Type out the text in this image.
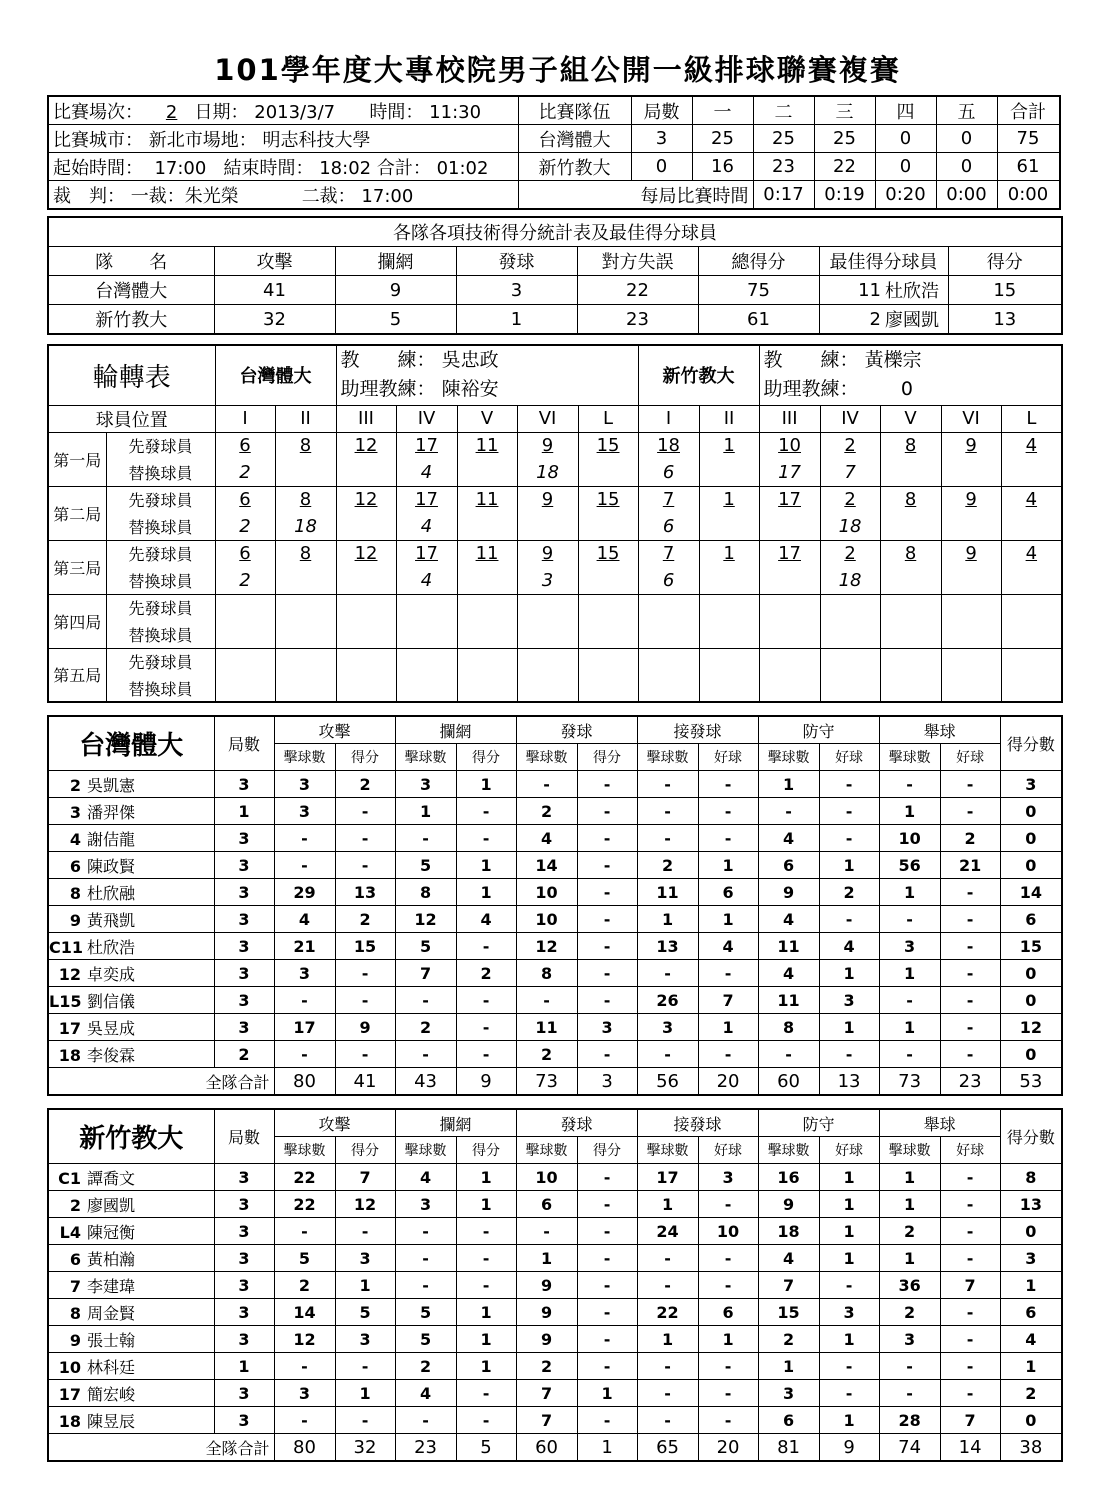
101學年度大專校院男子組公開一級排球聯賽複賽
比賽場次： 2 日期： 2013/3/7 時間： 11:30	比賽隊伍	局數	一	二	三	四	五	合計	
比賽城市： 新北市場地： 明志科技大學	台灣體大	3	25	25	25	0	0	75	
起始時間： 17:00 結束時間： 18:02 合計： 01:02	新竹教大	0	16	23	22	0	0	61	
裁　判： 一裁：朱光榮 二裁： 17:00	每局比賽時間			0:17	0:19	0:20	0:00	0:00	
各隊各項技術得分統計表及最佳得分球員								
隊　　名	攻擊	攔網	發球	對方失誤	總得分	最佳得分球員		得分
台灣體大	41	9	3	22	75	11	杜欣浩	15
新竹教大	32	5	1	23	61	2	廖國凱	13
輪轉表		台灣體大		教　　練： 吳忠政
助理教練： 陳裕安					新竹教大		教　　練： 黃櫟宗
助理教練： 0				
球員位置		I	II	III	IV	V	VI	L	I	II	III	IV	V	VI	L
第一局	先發球員	6	8	12	17	11	9	15	18	1	10	2	8	9	4
	替換球員	2			4		18		6		17	7			
第二局	先發球員	6	8	12	17	11	9	15	7	1	17	2	8	9	4
	替換球員	2	18		4				6			18			
第三局	先發球員	6	8	12	17	11	9	15	7	1	17	2	8	9	4
	替換球員	2			4		3		6			18			
第四局	先發球員														
	替換球員														
第五局	先發球員														
	替換球員														
台灣體大	局數	攻擊		攔網		發球		接發球		防守		舉球		得分數
		擊球數	得分	擊球數	得分	擊球數	得分	擊球數	好球	擊球數	好球	擊球數	好球	
2 吳凱憲	3	3	2	3	1	-	-	-	-	1	-	-	-	3
3 潘羿傑	1	3	-	1	-	2	-	-	-	-	-	1	-	0
4 謝佶龍	3	-	-	-	-	4	-	-	-	4	-	10	2	0
6 陳政賢	3	-	-	5	1	14	-	2	1	6	1	56	21	0
8 杜欣融	3	29	13	8	1	10	-	11	6	9	2	1	-	14
9 黃飛凱	3	4	2	12	4	10	-	1	1	4	-	-	-	6
C11 杜欣浩	3	21	15	5	-	12	-	13	4	11	4	3	-	15
12 卓奕成	3	3	-	7	2	8	-	-	-	4	1	1	-	0
L15 劉信儀	3	-	-	-	-	-	-	26	7	11	3	-	-	0
17 吳昱成	3	17	9	2	-	11	3	3	1	8	1	1	-	12
18 李俊霖	2	-	-	-	-	2	-	-	-	-	-	-	-	0
全隊合計		80	41	43	9	73	3	56	20	60	13	73	23	53
新竹教大	局數	攻擊		攔網		發球		接發球		防守		舉球		得分數
		擊球數	得分	擊球數	得分	擊球數	得分	擊球數	好球	擊球數	好球	擊球數	好球	
C1 譚喬文	3	22	7	4	1	10	-	17	3	16	1	1	-	8
2 廖國凱	3	22	12	3	1	6	-	1	-	9	1	1	-	13
L4 陳冠衡	3	-	-	-	-	-	-	24	10	18	1	2	-	0
6 黃柏瀚	3	5	3	-	-	1	-	-	-	4	1	1	-	3
7 李建瑋	3	2	1	-	-	9	-	-	-	7	-	36	7	1
8 周金賢	3	14	5	5	1	9	-	22	6	15	3	2	-	6
9 張士翰	3	12	3	5	1	9	-	1	1	2	1	3	-	4
10 林科廷	1	-	-	2	1	2	-	-	-	1	-	-	-	1
17 簡宏峻	3	3	1	4	-	7	1	-	-	3	-	-	-	2
18 陳昱辰	3	-	-	-	-	7	-	-	-	6	1	28	7	0
全隊合計		80	32	23	5	60	1	65	20	81	9	74	14	38
